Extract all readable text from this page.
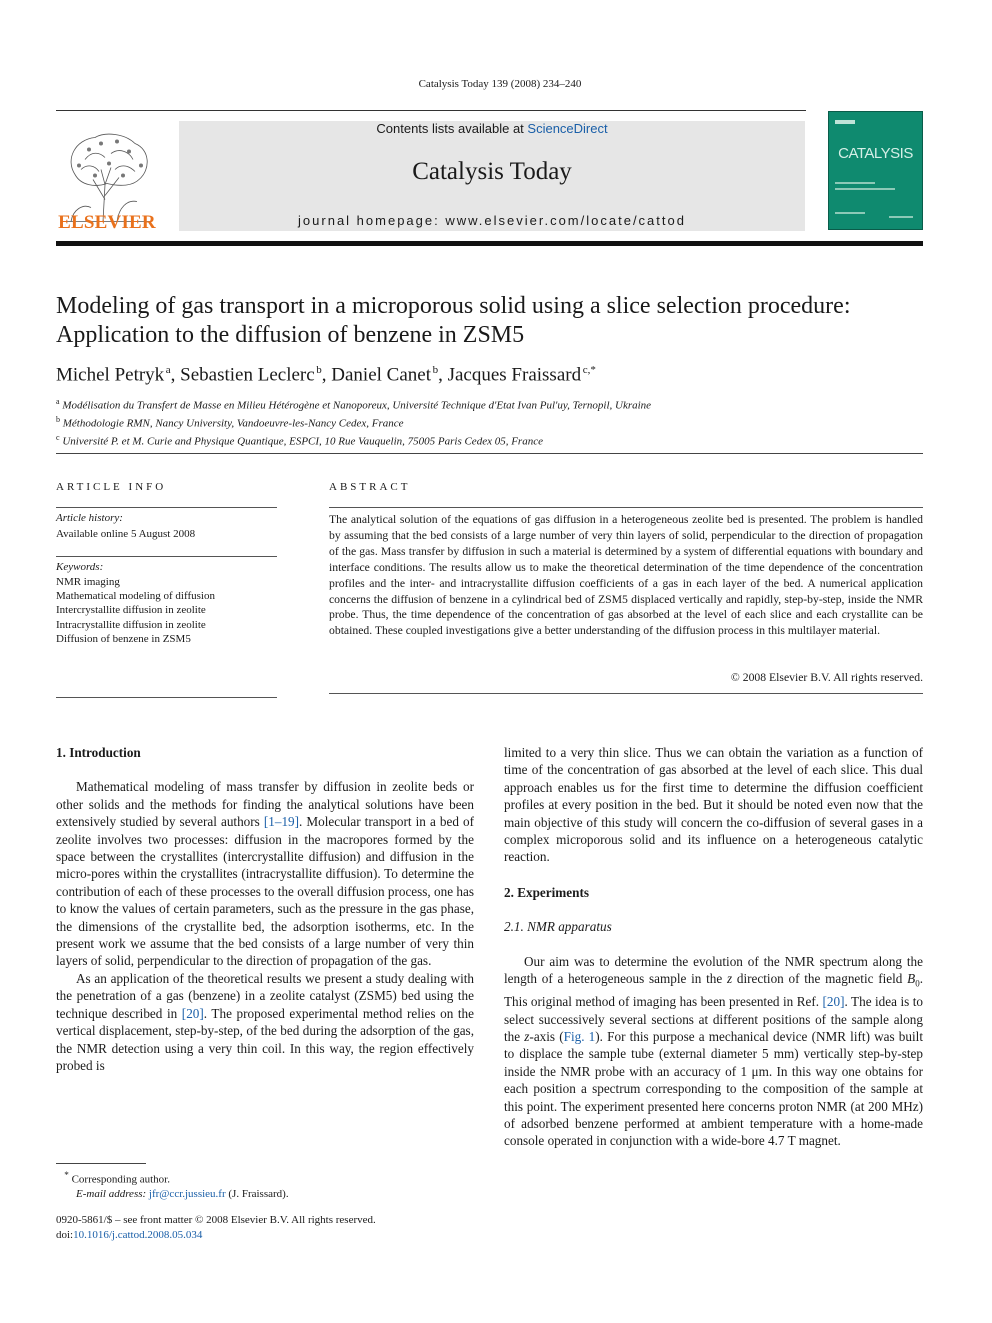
Catalysis Today 139 (2008) 234–240
ELSEVIER
Contents lists available at ScienceDirect
Catalysis Today
journal homepage: www.elsevier.com/locate/cattod
CATALYSIS
Modeling of gas transport in a microporous solid using a slice selection procedure: Application to the diffusion of benzene in ZSM5
Michel Petryk  $^a$, Sebastien Leclerc  $^b$, Daniel Canet  $^b$, Jacques Fraissard  $^{c,*}$
$^a$ Modélisation du Transfert de Masse en Milieu Hétérogène et Nanoporeux, Université Technique d'Etat Ivan Pul'uy, Ternopil, Ukraine
$^b$ Méthodologie RMN, Nancy University, Vandoeuvre-les-Nancy Cedex, France
$^c$ Université P. et M. Curie and Physique Quantique, ESPCI, 10 Rue Vauquelin, 75005 Paris Cedex 05, France
ARTICLE INFO
Article history:
Available online 5 August 2008
Keywords:
NMR imaging
Mathematical modeling of diffusion
Intercrystallite diffusion in zeolite
Intracrystallite diffusion in zeolite
Diffusion of benzene in ZSM5
ABSTRACT
The analytical solution of the equations of gas diffusion in a heterogeneous zeolite bed is presented. The problem is handled by assuming that the bed consists of a large number of very thin layers of solid, perpendicular to the direction of propagation of the gas. Mass transfer by diffusion in such a material is determined by a system of differential equations with boundary and interface conditions. The results allow us to make the theoretical determination of the time dependence of the concentration profiles and the inter- and intracrystallite diffusion coefficients of a gas in each layer of the bed. A numerical application concerns the diffusion of benzene in a cylindrical bed of ZSM5 displaced vertically and rapidly, step-by-step, inside the NMR probe. Thus, the time dependence of the concentration of gas absorbed at the level of each slice and each crystallite can be obtained. These coupled investigations give a better understanding of the diffusion process in this multilayer material.
© 2008 Elsevier B.V. All rights reserved.
1. Introduction

Mathematical modeling of mass transfer by diffusion in zeolite beds or other solids and the methods for finding the analytical solutions have been extensively studied by several authors [1–19]. Molecular transport in a bed of zeolite involves two processes: diffusion in the macropores formed by the space between the crystallites (intercrystallite diffusion) and diffusion in the micro-pores within the crystallites (intracrystallite diffusion). To determine the contribution of each of these processes to the overall diffusion process, one has to know the values of certain parameters, such as the pressure in the gas phase, the dimensions of the crystallite bed, the adsorption isotherms, etc. In the present work we assume that the bed consists of a large number of very thin layers of solid, perpendicular to the direction of propagation of the gas.

As an application of the theoretical results we present a study dealing with the penetration of a gas (benzene) in a zeolite catalyst (ZSM5) bed using the technique described in [20]. The proposed experimental method relies on the vertical displacement, step-by-step, of the bed during the adsorption of the gas, the NMR detection using a very thin coil. In this way, the region effectively probed is

limited to a very thin slice. Thus we can obtain the variation as a function of time of the concentration of gas absorbed at the level of each slice. This dual approach enables us for the first time to determine the diffusion coefficient profiles at every position in the bed. But it should be noted even now that the main objective of this study will concern the co-diffusion of several gases in a complex microporous solid and its influence on a heterogeneous catalytic reaction.

2. Experiments
2.1. NMR apparatus

Our aim was to determine the evolution of the NMR spectrum along the length of a heterogeneous sample in the z direction of the magnetic field $B_0$. This original method of imaging has been presented in Ref. [20]. The idea is to select successively several sections at different positions of the sample along the z-axis (Fig. 1). For this purpose a mechanical device (NMR lift) was built to displace the sample tube (external diameter 5 mm) vertically step-by-step inside the NMR probe with an accuracy of 1 μm. In this way one obtains for each position a spectrum corresponding to the composition of the sample at this point. The experiment presented here concerns proton NMR (at 200 MHz) of adsorbed benzene performed at ambient temperature with a home-made console operated in conjunction with a wide-bore 4.7 T magnet.

* Corresponding author.
E-mail address: jfr@ccr.jussieu.fr (J. Fraissard).
0920-5861/$ – see front matter © 2008 Elsevier B.V. All rights reserved.
doi:10.1016/j.cattod.2008.05.034
